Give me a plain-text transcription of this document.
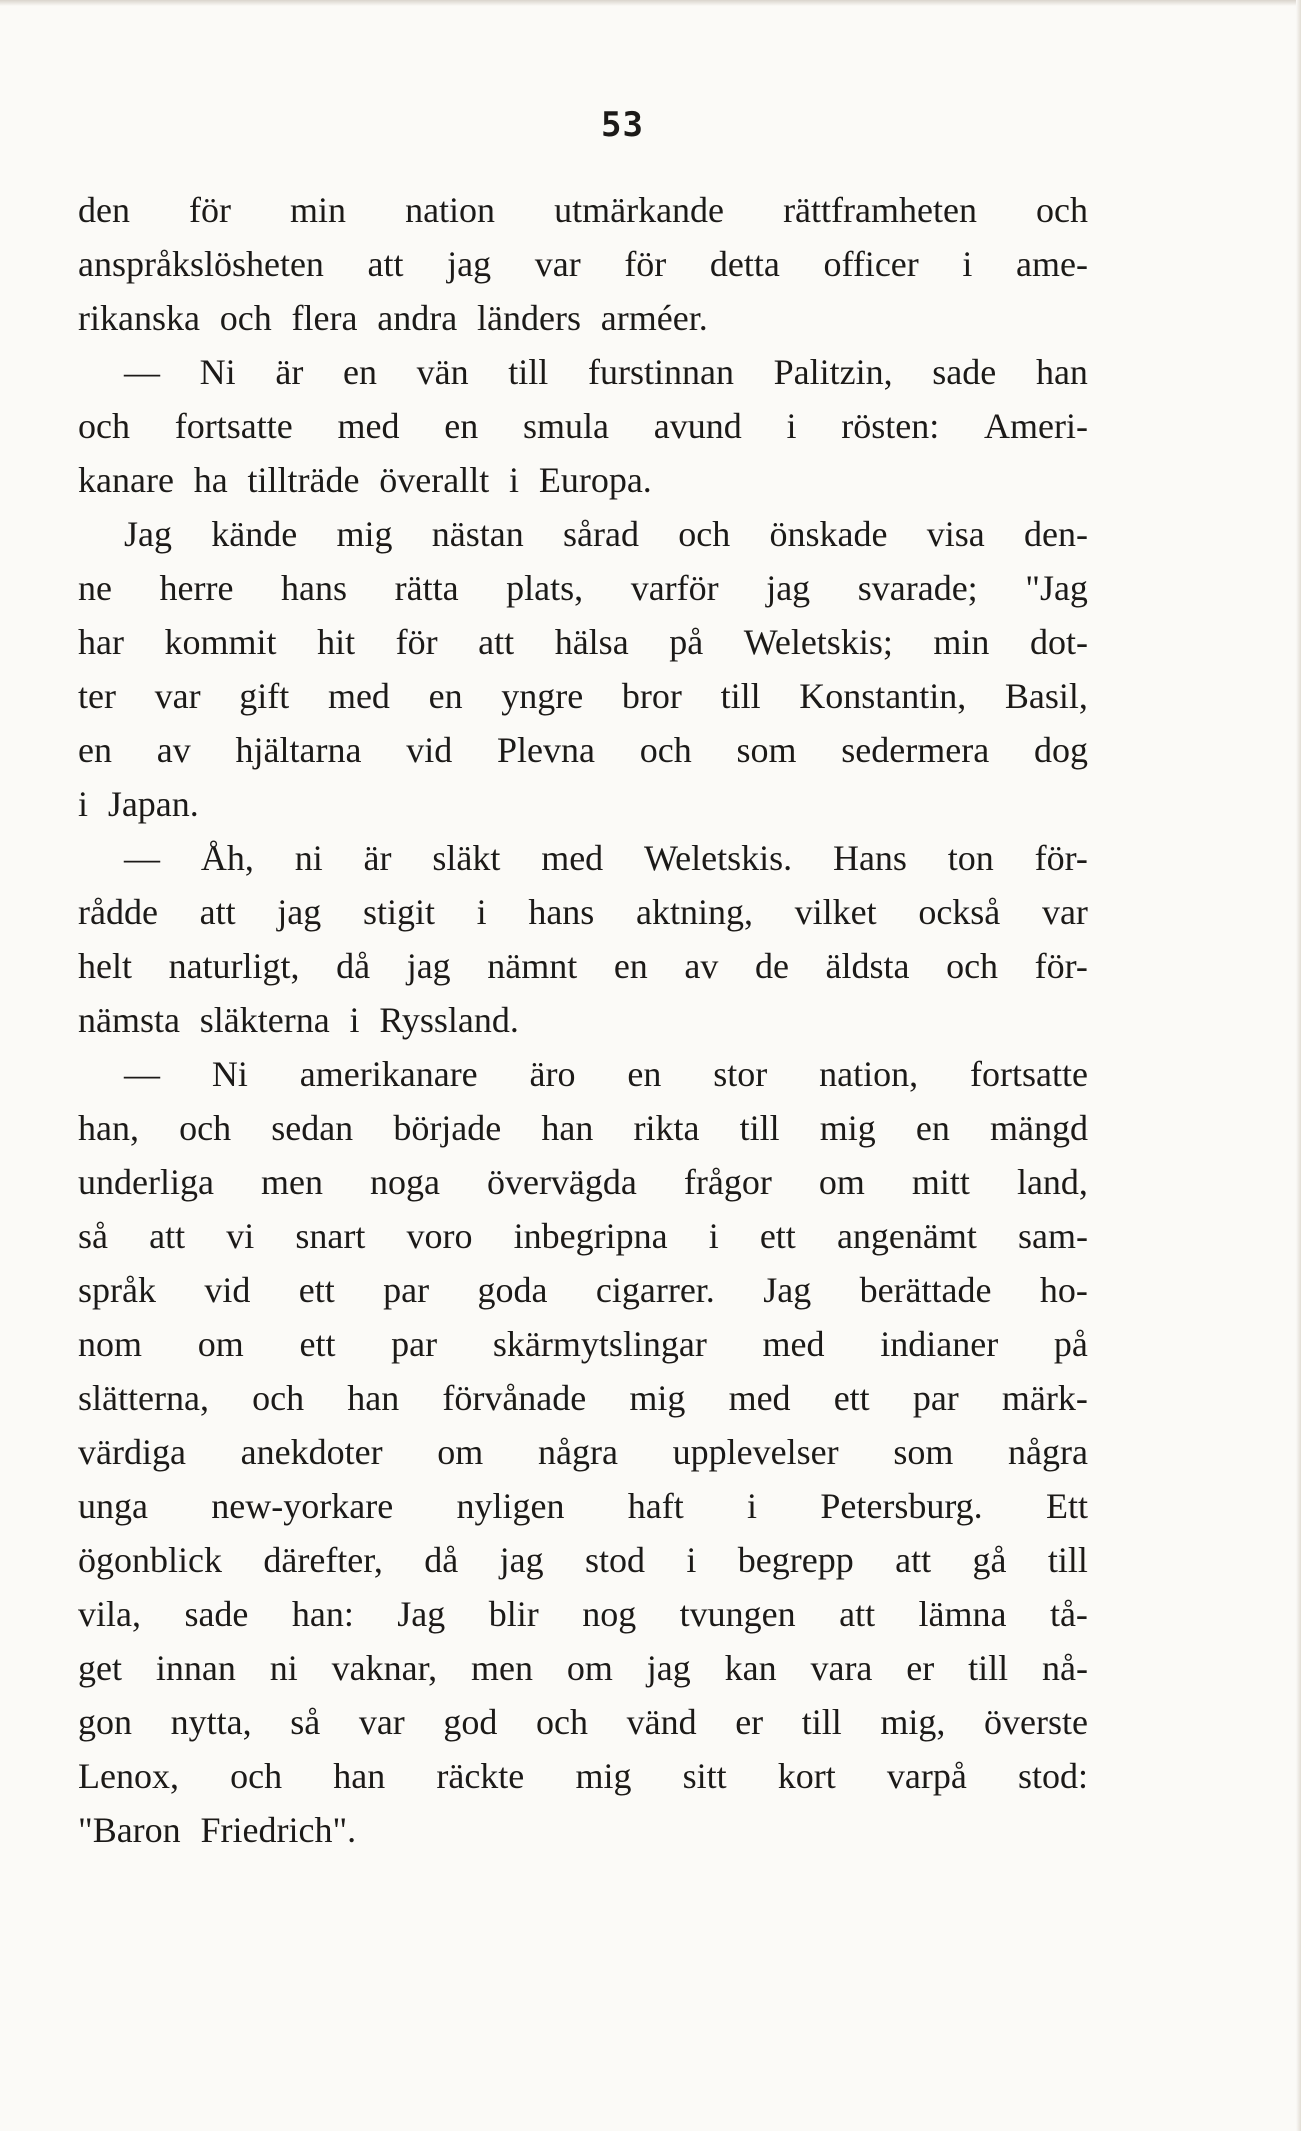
53
den för min nation utmärkande rättframheten och
anspråkslösheten att jag var för detta officer i ame-
rikanska och flera andra länders arméer.
— Ni är en vän till furstinnan Palitzin, sade han
och fortsatte med en smula avund i rösten: Ameri-
kanare ha tillträde överallt i Europa.
Jag kände mig nästan sårad och önskade visa den-
ne herre hans rätta plats, varför jag svarade; "Jag
har kommit hit för att hälsa på Weletskis; min dot-
ter var gift med en yngre bror till Konstantin, Basil,
en av hjältarna vid Plevna och som sedermera dog
i Japan.
— Åh, ni är släkt med Weletskis. Hans ton för-
rådde att jag stigit i hans aktning, vilket också var
helt naturligt, då jag nämnt en av de äldsta och för-
nämsta släkterna i Ryssland.
— Ni amerikanare äro en stor nation, fortsatte
han, och sedan började han rikta till mig en mängd
underliga men noga övervägda frågor om mitt land,
så att vi snart voro inbegripna i ett angenämt sam-
språk vid ett par goda cigarrer. Jag berättade ho-
nom om ett par skärmytslingar med indianer på
slätterna, och han förvånade mig med ett par märk-
värdiga anekdoter om några upplevelser som några
unga new-yorkare nyligen haft i Petersburg. Ett
ögonblick därefter, då jag stod i begrepp att gå till
vila, sade han: Jag blir nog tvungen att lämna tå-
get innan ni vaknar, men om jag kan vara er till nå-
gon nytta, så var god och vänd er till mig, överste
Lenox, och han räckte mig sitt kort varpå stod:
"Baron Friedrich".
